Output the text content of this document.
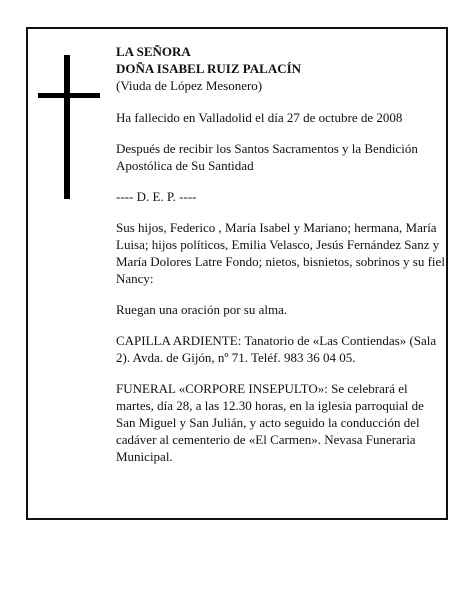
LA SEÑORA
DOÑA ISABEL RUIZ PALACÍN
(Viuda de López Mesonero)

Ha fallecido en Valladolid el día 27 de octubre de 2008

Después de recibir los Santos Sacramentos y la Bendición Apostólica de Su Santidad

---- D. E. P. ----

Sus hijos, Federico , María Isabel y Mariano; hermana, María Luisa; hijos políticos, Emilia Velasco, Jesús Fernández Sanz y María Dolores Latre Fondo; nietos, bisnietos, sobrinos y su fiel Nancy:

Ruegan una oración por su alma.

CAPILLA ARDIENTE: Tanatorio de «Las Contiendas» (Sala 2). Avda. de Gijón, nº 71. Teléf. 983 36 04 05.

FUNERAL «CORPORE INSEPULTO»: Se celebrará el martes, día 28, a las 12.30 horas, en la iglesia parroquial de San Miguel y San Julián, y acto seguido la conducción del cadáver al cementerio de «El Carmen». Nevasa Funeraria Municipal.
